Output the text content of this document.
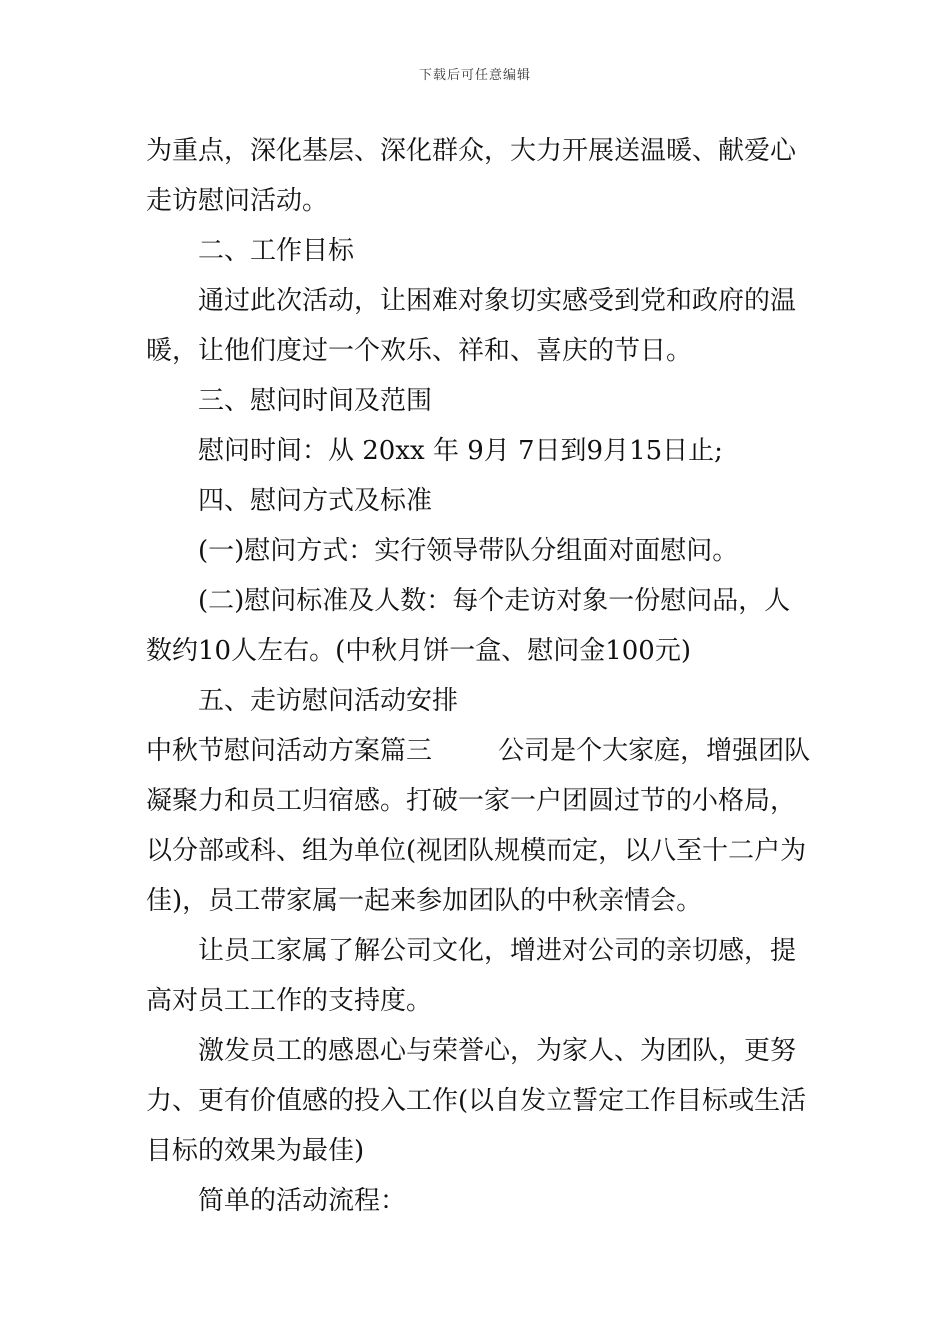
下载后可任意编辑
为重点，深化基层、深化群众，大力开展送温暖、献爱心
走访慰问活动。
二、工作目标
通过此次活动，让困难对象切实感受到党和政府的温
暖，让他们度过一个欢乐、祥和、喜庆的节日。
三、慰问时间及范围
慰问时间：从 20xx 年 9月 7日到9月15日止;
四、慰问方式及标准
(一)慰问方式：实行领导带队分组面对面慰问。
(二)慰问标准及人数：每个走访对象一份慰问品，人
数约10人左右。(中秋月饼一盒、慰问金100元)
五、走访慰问活动安排
中秋节慰问活动方案篇三        公司是个大家庭，增强团队
凝聚力和员工归宿感。打破一家一户团圆过节的小格局，
以分部或科、组为单位(视团队规模而定，以八至十二户为
佳)，员工带家属一起来参加团队的中秋亲情会。
让员工家属了解公司文化，增进对公司的亲切感，提
高对员工工作的支持度。
激发员工的感恩心与荣誉心，为家人、为团队，更努
力、更有价值感的投入工作(以自发立誓定工作目标或生活
目标的效果为最佳)
简单的活动流程：
